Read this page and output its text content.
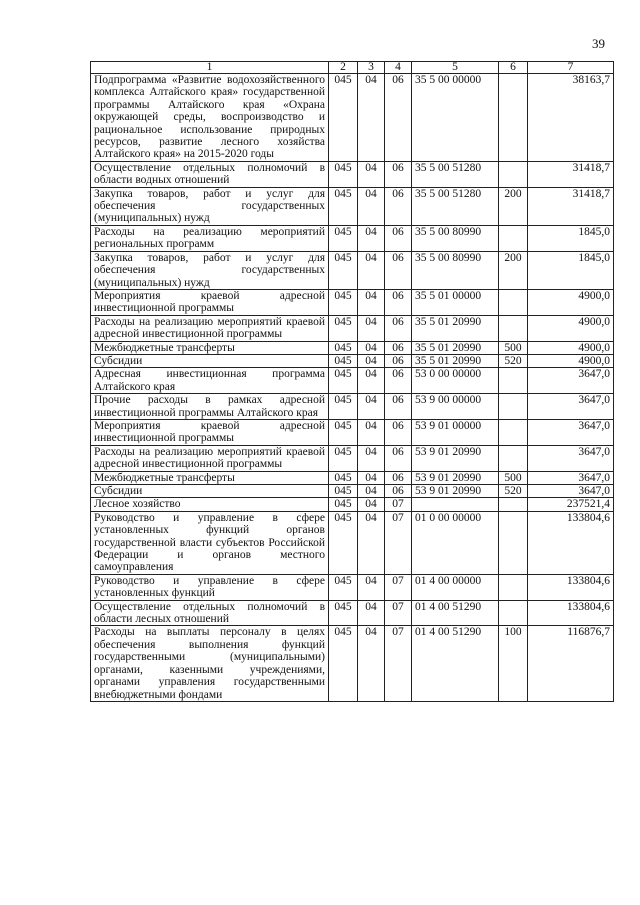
39
1	2	3	4	5	6	7
Подпрограмма «Развитие водохозяйственного комплекса Алтайского края» государственной программы Алтайского края «Охрана окружающей среды, воспроизводство и рациональное использование природных ресурсов, развитие лесного хозяйства Алтайского края» на 2015-2020 годы	045	04	06	35 5 00 00000		38163,7
Осуществление отдельных полномочий в области водных отношений	045	04	06	35 5 00 51280		31418,7
Закупка товаров, работ и услуг для обеспечения государственных (муниципальных) нужд	045	04	06	35 5 00 51280	200	31418,7
Расходы на реализацию мероприятий региональных программ	045	04	06	35 5 00 80990		1845,0
Закупка товаров, работ и услуг для обеспечения государственных (муниципальных) нужд	045	04	06	35 5 00 80990	200	1845,0
Мероприятия краевой адресной инвестиционной программы	045	04	06	35 5 01 00000		4900,0
Расходы на реализацию мероприятий краевой адресной инвестиционной программы	045	04	06	35 5 01 20990		4900,0
Межбюджетные трансферты	045	04	06	35 5 01 20990	500	4900,0
Субсидии	045	04	06	35 5 01 20990	520	4900,0
Адресная инвестиционная программа Алтайского края	045	04	06	53 0 00 00000		3647,0
Прочие расходы в рамках адресной инвестиционной программы Алтайского края	045	04	06	53 9 00 00000		3647,0
Мероприятия краевой адресной инвестиционной программы	045	04	06	53 9 01 00000		3647,0
Расходы на реализацию мероприятий краевой адресной инвестиционной программы	045	04	06	53 9 01 20990		3647,0
Межбюджетные трансферты	045	04	06	53 9 01 20990	500	3647,0
Субсидии	045	04	06	53 9 01 20990	520	3647,0
Лесное хозяйство	045	04	07			237521,4
Руководство и управление в сфере установленных функций органов государственной власти субъектов Российской Федерации и органов местного самоуправления	045	04	07	01 0 00 00000		133804,6
Руководство и управление в сфере установленных функций	045	04	07	01 4 00 00000		133804,6
Осуществление отдельных полномочий в области лесных отношений	045	04	07	01 4 00 51290		133804,6
Расходы на выплаты персоналу в целях обеспечения выполнения функций государственными (муниципальными) органами, казенными учреждениями, органами управления государственными внебюджетными фондами	045	04	07	01 4 00 51290	100	116876,7
